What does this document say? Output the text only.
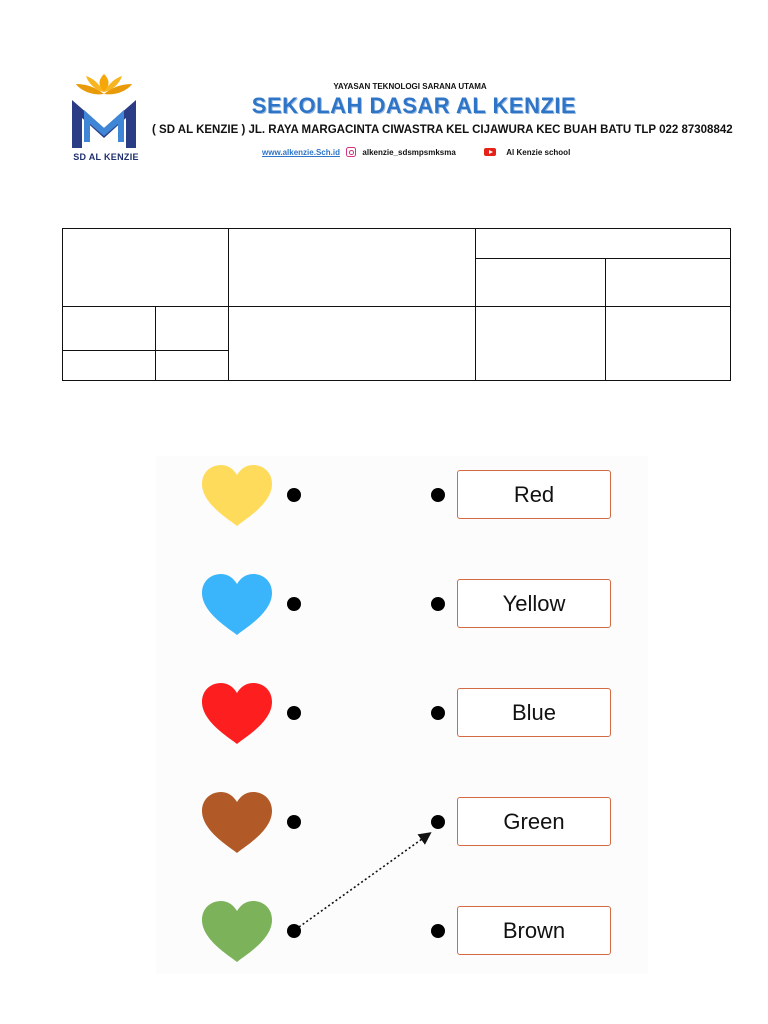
SD AL KENZIE
YAYASAN TEKNOLOGI SARANA UTAMA
SEKOLAH DASAR AL KENZIE
( SD AL KENZIE ) JL. RAYA MARGACINTA CIWASTRA KEL CIJAWURA KEC BUAH BATU TLP 022 87308842
www.alkenzie.Sch.id	alkenzie_sdsmpsmksma	Al Kenzie school

Red
Yellow
Blue
Green
Brown
